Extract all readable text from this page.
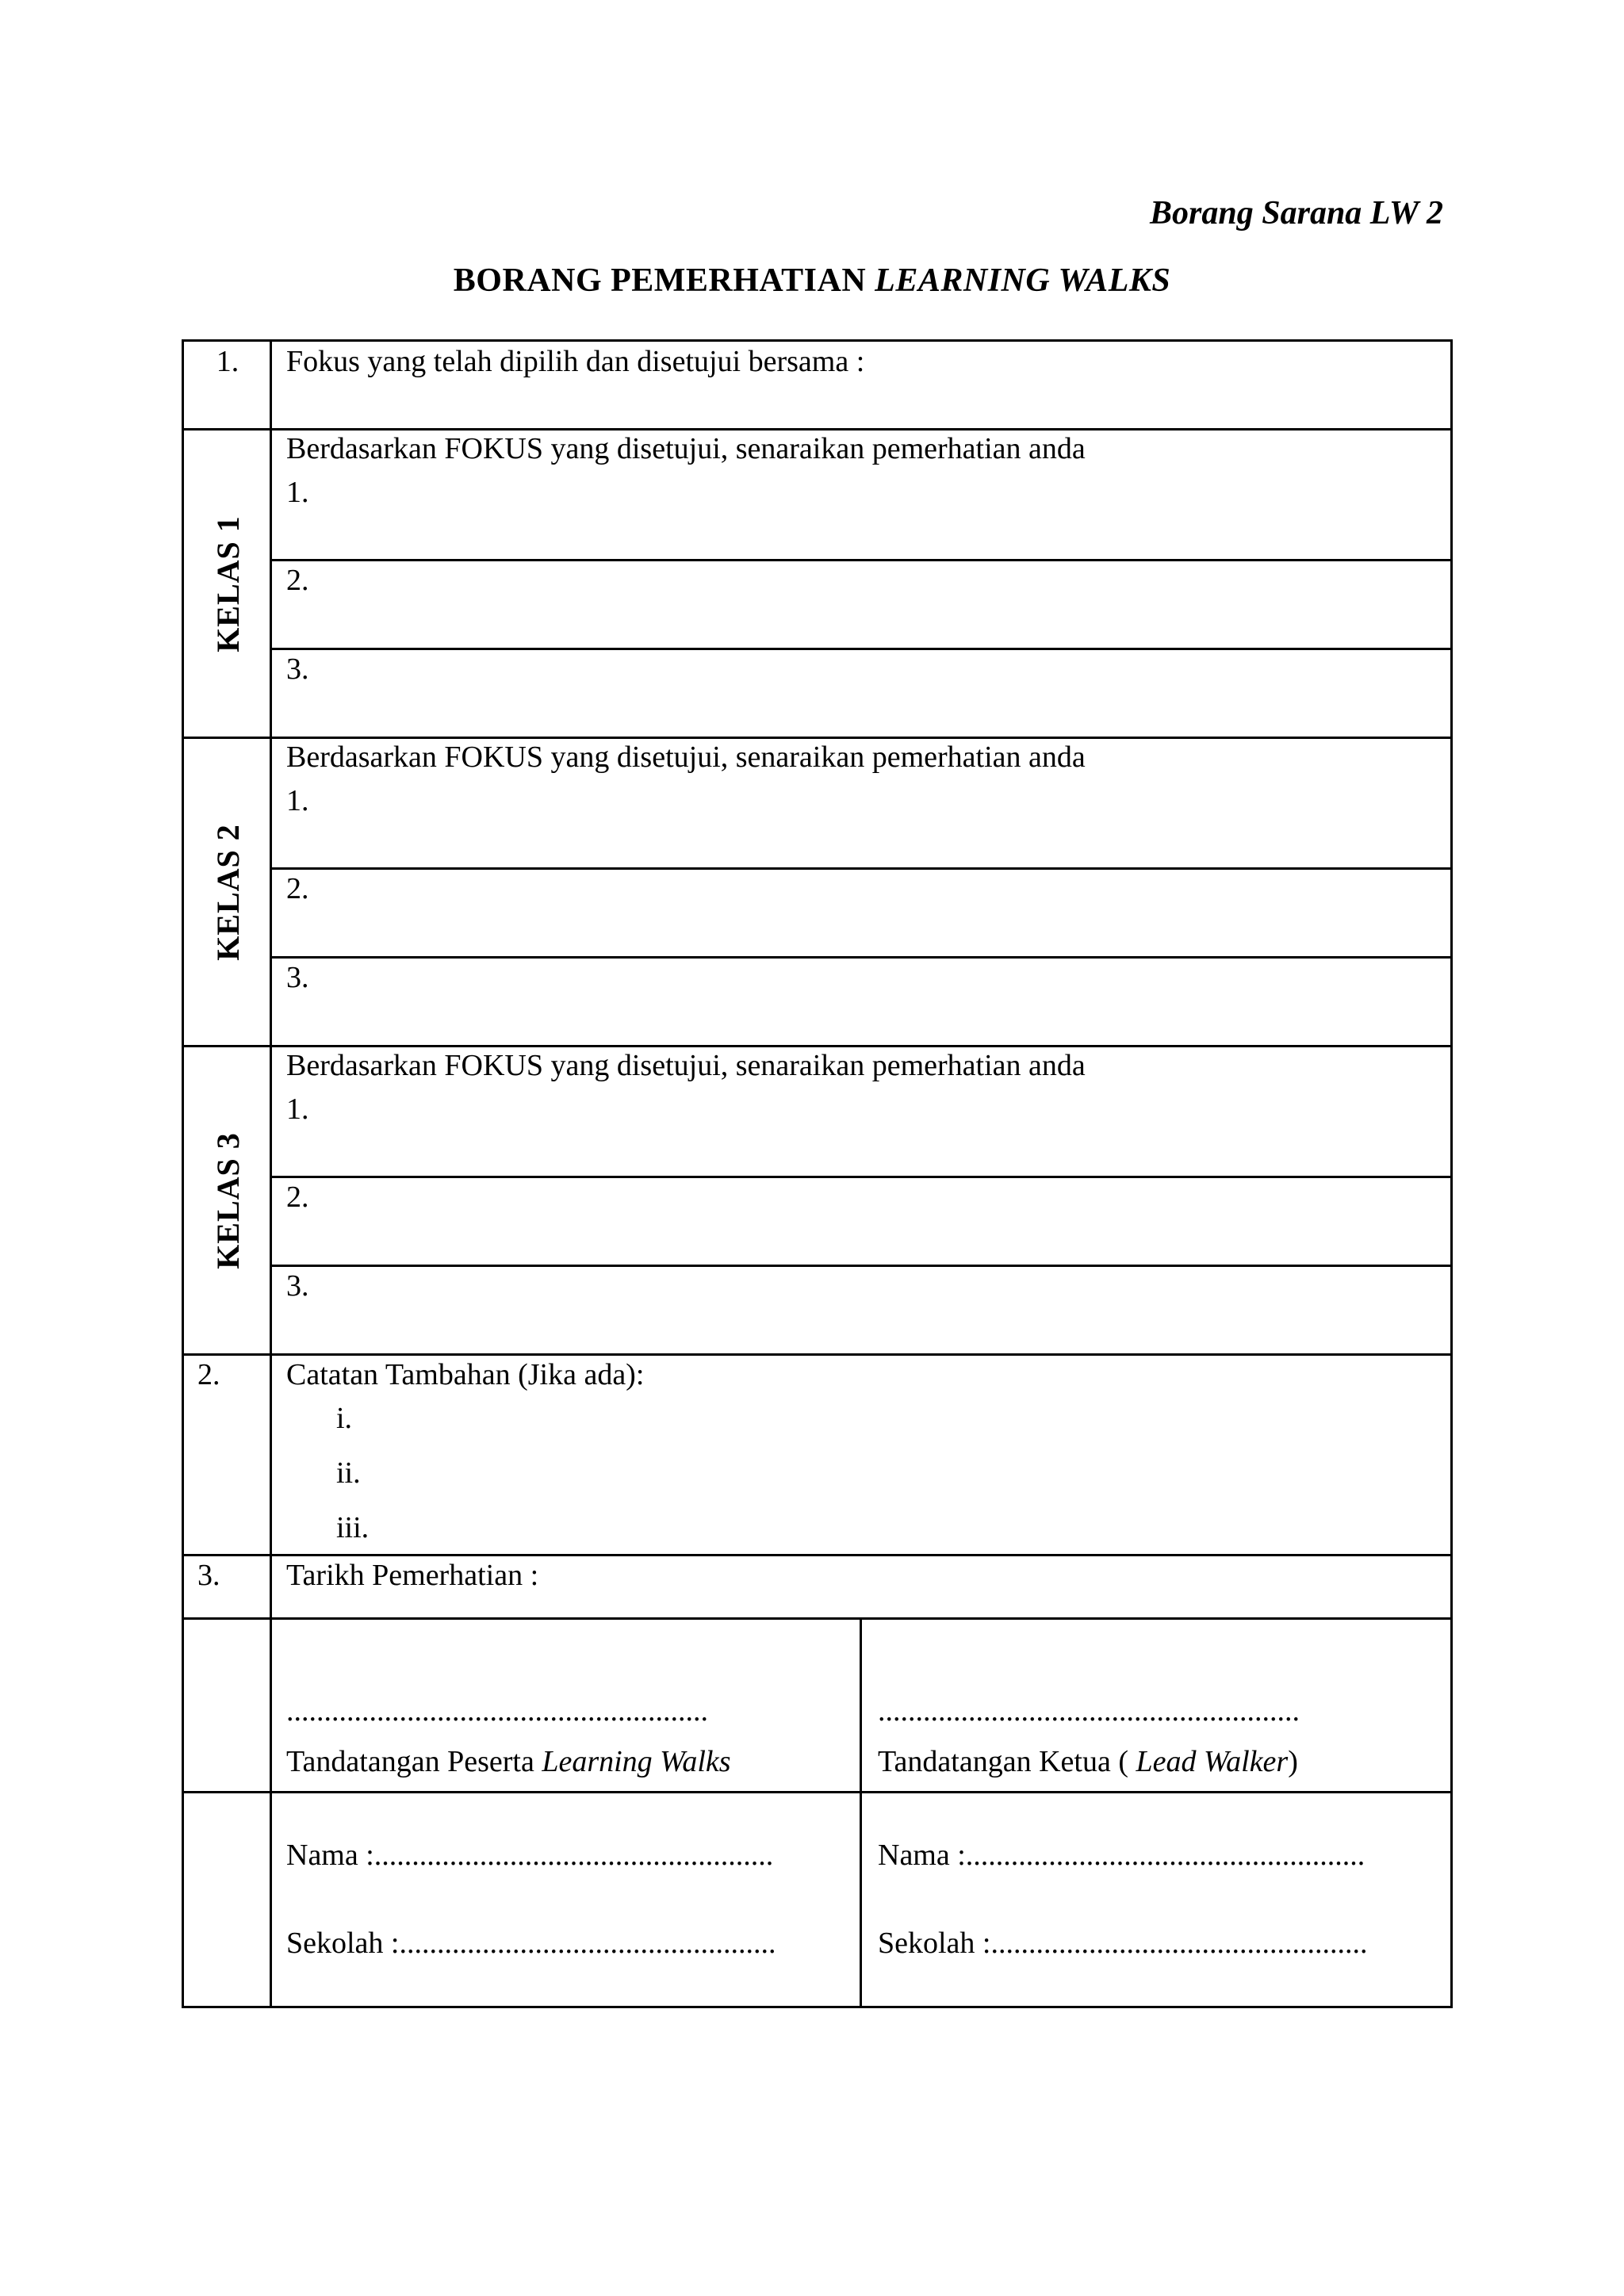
Borang Sarana LW 2
BORANG PEMERHATIAN LEARNING WALKS
1.	Fokus yang telah dipilih dan disetujui bersama :
KELAS 1
Berdasarkan FOKUS yang disetujui, senaraikan pemerhatian anda
1.
2.
3.
KELAS 2
Berdasarkan FOKUS yang disetujui, senaraikan pemerhatian anda
1.
2.
3.
KELAS 3
Berdasarkan FOKUS yang disetujui, senaraikan pemerhatian anda
1.
2.
3.
2. Catatan Tambahan (Jika ada):
i.
ii.
iii.
3. Tarikh Pemerhatian :
........................................................
Tandatangan Peserta Learning Walks
........................................................
Tandatangan Ketua ( Lead Walker)
Nama :.....................................................
Sekolah :..................................................
Nama :.....................................................
Sekolah :..................................................
